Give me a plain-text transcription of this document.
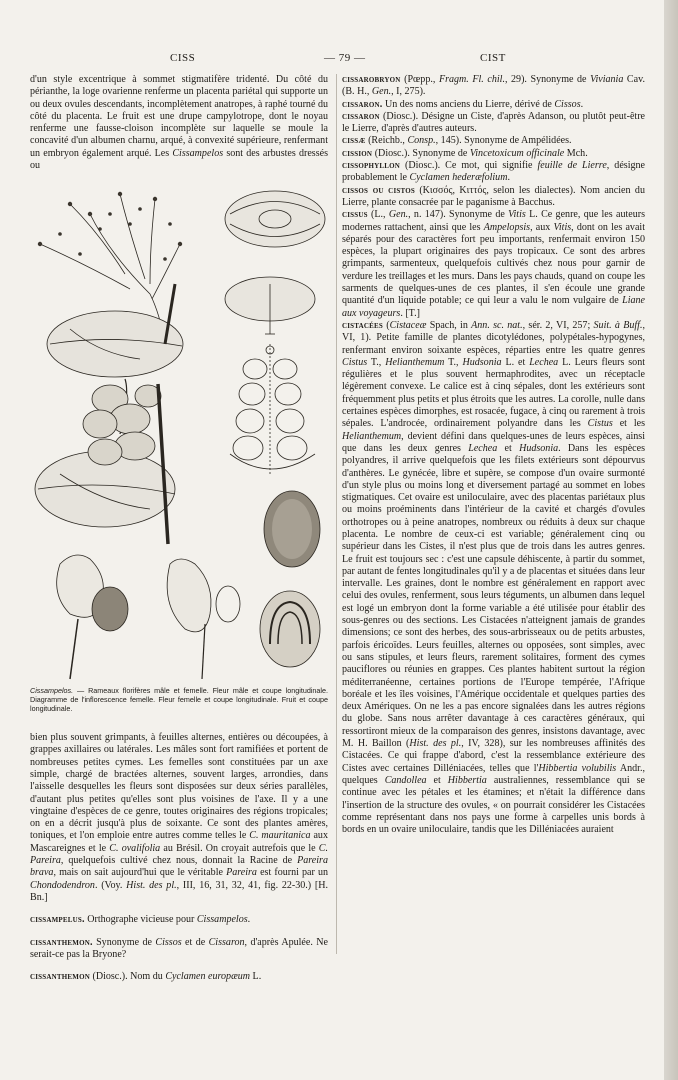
CISS	— 79 —	CIST

d'un style excentrique à sommet stigmatifère tridenté. Du côté du périanthe, la loge ovarienne renferme un placenta pariétal qui supporte un ou deux ovules descendants, incomplètement anatropes, à raphé tourné du côté du placenta. Le fruit est une drupe campylotrope, dont le noyau renferme une fausse-cloison incomplète sur laquelle se moule la concavité d'un albumen charnu, arqué, à convexité supérieure, renfermant un embryon également arqué. Les Cissampelos sont des arbustes dressés ou

Cissampelos. — Rameaux florifères mâle et femelle. Fleur mâle et coupe longitudinale. Diagramme de l'inflorescence femelle. Fleur femelle et coupe longitudinale. Fruit et coupe longitudinale.

bien plus souvent grimpants, à feuilles alternes, entières ou découpées, à grappes axillaires ou latérales. Les mâles sont fort ramifiées et portent de nombreuses petites cymes. Les femelles sont constituées par un axe simple, chargé de bractées alternes, souvent larges, arrondies, dans l'aisselle desquelles les fleurs sont disposées sur deux séries parallèles, d'autant plus petites qu'elles sont plus voisines de l'axe. Il y a une vingtaine d'espèces de ce genre, toutes originaires des régions tropicales; on en a décrit jusqu'à plus de soixante. Ce sont des plantes amères, toniques, et l'on emploie entre autres comme telles le C. mauritanica aux Mascareignes et le C. ovalifolia au Brésil. On croyait autrefois que le C. Pareira, quelquefois cultivé chez nous, donnait la Racine de Pareira brava, mais on sait aujourd'hui que le véritable Pareira est fourni par un Chondodendron. (Voy. Hist. des pl., III, 16, 31, 32, 41, fig. 22-30.) [H. Bn.]

cissampelus. Orthographe vicieuse pour Cissampelos.

cissanthemon. Synonyme de Cissos et de Cissaron, d'après Apulée. Ne serait-ce pas la Bryone?

cissanthemon (Diosc.). Nom du Cyclamen europæum L.

cissarobryon (Pœpp., Fragm. Fl. chil., 29). Synonyme de Viviania Cav. (B. H., Gen., I, 275).

cissaron. Un des noms anciens du Lierre, dérivé de Cissos.

cissaron (Diosc.). Désigne un Ciste, d'après Adanson, ou plutôt peut-être le Lierre, d'après d'autres auteurs.

cissæ (Reichb., Consp., 145). Synonyme de Ampélidées.

cission (Diosc.). Synonyme de Vincetoxicum officinale Mch.

cissophyllon (Diosc.). Ce mot, qui signifie feuille de Lierre, désigne probablement le Cyclamen hederæfolium.

cissos ou cistos (Κισσός, Κιττός, selon les dialectes). Nom ancien du Lierre, plante consacrée par le paganisme à Bacchus.

cissus (L., Gen., n. 147). Synonyme de Vitis L. Ce genre, que les auteurs modernes rattachent, ainsi que les Ampelopsis, aux Vitis, dont on les avait séparés pour des caractères fort peu importants, renfermait environ 150 espèces, la plupart originaires des pays tropicaux. Ce sont des arbres grimpants, sarmenteux, quelquefois cultivés chez nous pour garnir de verdure les treillages et les murs. Dans les pays chauds, quand on coupe les sarments de quelques-unes de ces plantes, il s'en écoule une grande quantité d'un liquide potable; ce qui leur a valu le nom vulgaire de Liane aux voyageurs. [T.]

cistacées (Cistaceæ Spach, in Ann. sc. nat., sér. 2, VI, 257; Suit. à Buff., VI, 1). Petite famille de plantes dicotylédones, polypétales-hypogynes, renfermant environ soixante espèces, réparties entre les quatre genres Cistus T., Helianthemum T., Hudsonia L. et Lechea L. Leurs fleurs sont régulières et le plus souvent hermaphrodites, avec un réceptacle légèrement convexe. Le calice est à cinq sépales, dont les extérieurs sont fréquemment plus petits et plus étroits que les autres. La corolle, nulle dans certaines espèces dimorphes, est rosacée, fugace, à cinq ou rarement à trois sépales. L'androcée, ordinairement polyandre dans les Cistus et les Helianthemum, devient défini dans quelques-unes de leurs espèces, ainsi que dans les deux genres Lechea et Hudsonia. Dans les espèces polyandres, il arrive quelquefois que les filets extérieurs sont dépourvus d'anthères. Le gynécée, libre et supère, se compose d'un ovaire surmonté d'un style plus ou moins long et diversement partagé au sommet en lobes stigmatiques. Cet ovaire est uniloculaire, avec des placentas pariétaux plus ou moins proéminents dans l'intérieur de la cavité et chargés d'ovules orthotropes ou à peine anatropes, nombreux ou réduits à deux sur chaque placenta. Le nombre de ceux-ci est variable; généralement cinq ou supérieur dans les Cistes, il n'est plus que de trois dans les autres genres. Le fruit est toujours sec : c'est une capsule déhiscente, à partir du sommet, par autant de fentes longitudinales qu'il y a de placentas et situées dans leur intervalle. Les graines, dont le nombre est généralement en rapport avec celui des ovules, renferment, sous leurs téguments, un albumen dans lequel est logé un embryon dont la forme variable a été utilisée pour établir des sous-genres ou des sections. Les Cistacées n'atteignent jamais de grandes dimensions; ce sont des herbes, des sous-arbrisseaux ou de petits arbustes, parfois éricoïdes. Leurs feuilles, alternes ou opposées, sont simples, avec ou sans stipules, et leurs fleurs, rarement solitaires, forment des cymes pauciflores ou réunies en grappes. Ces plantes habitent surtout la région méditerranéenne, certaines portions de l'Europe tempérée, l'Afrique boréale et les îles voisines, l'Amérique occidentale et quelques parties des deux Amériques. On ne les a pas encore signalées dans les autres régions du globe. Sans nous arrêter davantage à ces caractères généraux, qui ressortiront mieux de la comparaison des genres, insistons davantage, avec M. H. Baillon (Hist. des pl., IV, 328), sur les nombreuses affinités des Cistacées. Ce qui frappe d'abord, c'est la ressemblance extérieure des Cistes avec certaines Dilléniacées, telles que l'Hibbertia volubilis Andr., quelques Candollea et Hibbertia australiennes, ressemblance qui se continue avec les pétales et les étamines; et n'était la différence dans l'insertion de la structure des ovules, « on pourrait considérer les Cistacées comme représentant dans nos pays une forme à carpelles unis bords à bords en un ovaire uniloculaire, tandis que les Dilléniacées auraient
